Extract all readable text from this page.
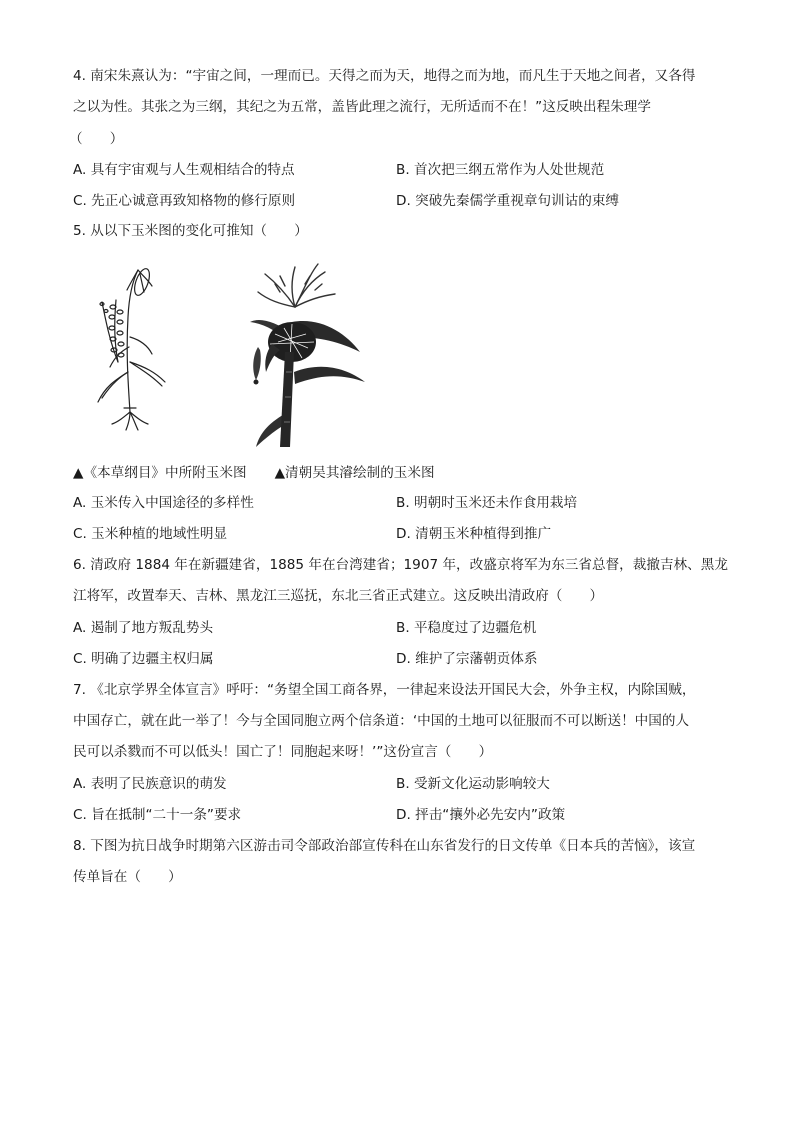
4. 南宋朱熹认为：“宇宙之间，一理而已。天得之而为天，地得之而为地，而凡生于天地之间者，又各得
之以为性。其张之为三纲，其纪之为五常，盖皆此理之流行，无所适而不在！”这反映出程朱理学
（　　）
A. 具有宇宙观与人生观相结合的特点	B. 首次把三纲五常作为人处世规范
C. 先正心诚意再致知格物的修行原则	D. 突破先秦儒学重视章句训诂的束缚
5. 从以下玉米图的变化可推知（　　）
▲《本草纲目》中所附玉米图 ▲清朝吴其濬绘制的玉米图
A. 玉米传入中国途径的多样性	B. 明朝时玉米还未作食用栽培
C. 玉米种植的地域性明显	D. 清朝玉米种植得到推广
6. 清政府 1884 年在新疆建省，1885 年在台湾建省；1907 年，改盛京将军为东三省总督，裁撤吉林、黑龙
江将军，改置奉天、吉林、黑龙江三巡抚，东北三省正式建立。这反映出清政府（　　）
A. 遏制了地方叛乱势头	B. 平稳度过了边疆危机
C. 明确了边疆主权归属	D. 维护了宗藩朝贡体系
7. 《北京学界全体宣言》呼吁：“务望全国工商各界，一律起来设法开国民大会，外争主权，内除国贼，
中国存亡，就在此一举了！今与全国同胞立两个信条道：‘中国的土地可以征服而不可以断送！中国的人
民可以杀戮而不可以低头！国亡了！同胞起来呀！’”这份宣言（　　）
A. 表明了民族意识的萌发	B. 受新文化运动影响较大
C. 旨在抵制“二十一条”要求	D. 抨击“攘外必先安内”政策
8. 下图为抗日战争时期第六区游击司令部政治部宣传科在山东省发行的日文传单《日本兵的苦恼》，该宣
传单旨在（　　）
